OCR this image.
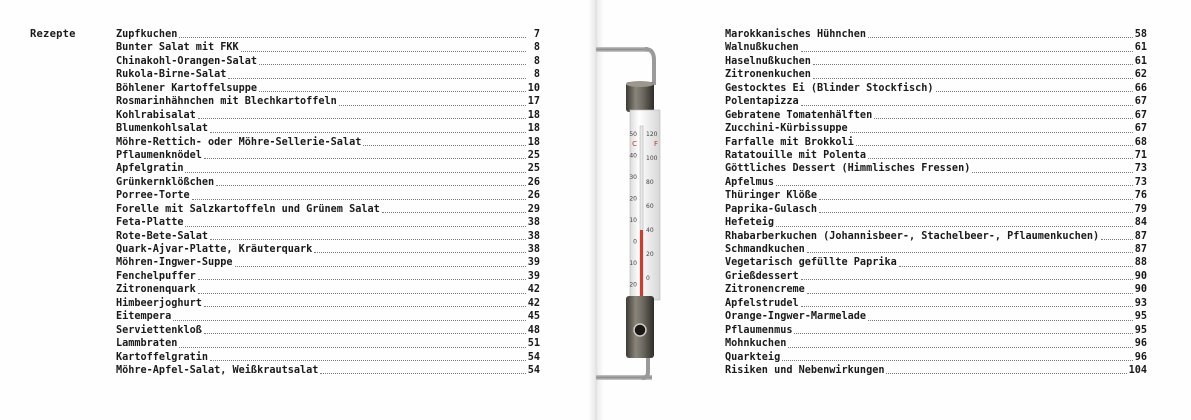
Rezepte	Zupfkuchen	7
Bunter Salat mit FKK	8
Chinakohl-Orangen-Salat	8
Rukola-Birne-Salat	8
Böhlener Kartoffelsuppe	10
Rosmarinhähnchen mit Blechkartoffeln	17
Kohlrabisalat	18
Blumenkohlsalat	18
Möhre-Rettich- oder Möhre-Sellerie-Salat	18
Pflaumenknödel	25
Apfelgratin	25
Grünkernklößchen	26
Porree-Torte	26
Forelle mit Salzkartoffeln und Grünem Salat	29
Feta-Platte	38
Rote-Bete-Salat	38
Quark-Ajvar-Platte, Kräuterquark	38
Möhren-Ingwer-Suppe	39
Fenchelpuffer	39
Zitronenquark	42
Himbeerjoghurt	42
Eitempera	45
Serviettenkloß	48
Lammbraten	51
Kartoffelgratin	54
Möhre-Apfel-Salat, Weißkrautsalat	54
Marokkanisches Hühnchen	58
Walnußkuchen	61
Haselnußkuchen	61
Zitronenkuchen	62
Gestocktes Ei (Blinder Stockfisch)	66
Polentapizza	67
Gebratene Tomatenhälften	67
Zucchini-Kürbissuppe	67
Farfalle mit Brokkoli	68
Ratatouille mit Polenta	71
Göttliches Dessert (Himmlisches Fressen)	73
Apfelmus	73
Thüringer Klöße	76
Paprika-Gulasch	79
Hefeteig	84
Rhabarberkuchen (Johannisbeer-, Stachelbeer-, Pflaumenkuchen)	87
Schmandkuchen	87
Vegetarisch gefüllte Paprika	88
Grießdessert	90
Zitronencreme	90
Apfelstrudel	93
Orange-Ingwer-Marmelade	95
Pflaumenmus	95
Mohnkuchen	96
Quarkteig	96
Risiken und Nebenwirkungen	104
50
40
30
20
10
0
10
20
120
100
80
60
40
20
0
C F
